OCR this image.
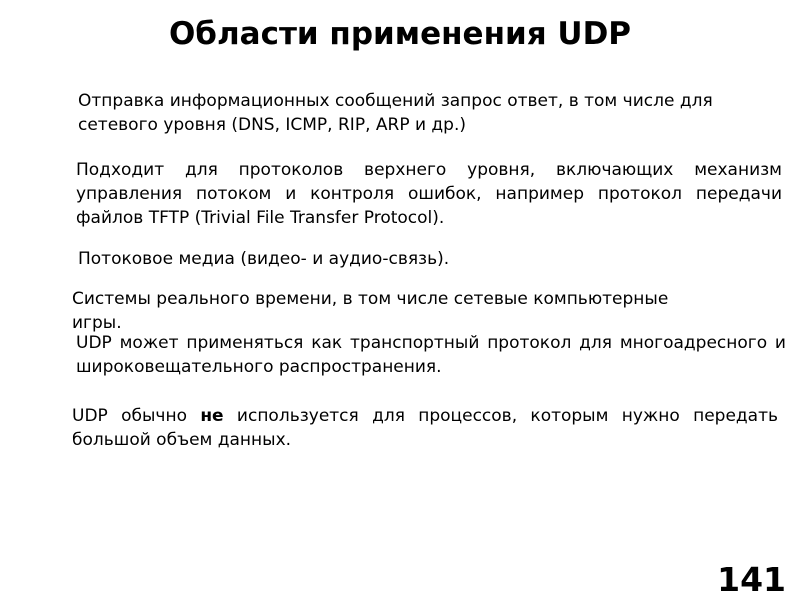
Области применения UDP

Отправка информационных сообщений запрос ответ, в том числе для сетевого уровня (DNS, ICMP, RIP, ARP и др.)

Подходит для протоколов верхнего уровня, включающих механизм управления потоком и контроля ошибок, например протокол передачи файлов TFTP (Trivial File Transfer Protocol).

Потоковое медиа (видео- и аудио-связь).

Системы реального времени, в том числе сетевые компьютерные игры.

UDP может применяться как транспортный протокол для многоадресного и широковещательного распространения.

UDP обычно не используется для процессов, которым нужно передать большой объем данных.

141
